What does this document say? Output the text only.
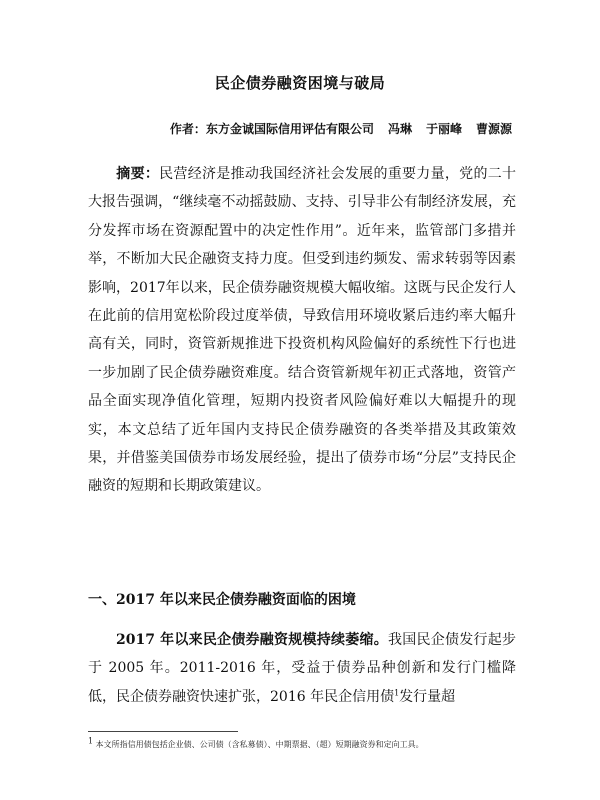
民企债券融资困境与破局
作者：东方金诚国际信用评估有限公司 冯琳 于丽峰 曹源源
摘要：民营经济是推动我国经济社会发展的重要力量，党的二十大报告强调，“继续毫不动摇鼓励、支持、引导非公有制经济发展，充分发挥市场在资源配置中的决定性作用”。近年来，监管部门多措并举，不断加大民企融资支持力度。但受到违约频发、需求转弱等因素影响，2017年以来，民企债券融资规模大幅收缩。这既与民企发行人在此前的信用宽松阶段过度举债，导致信用环境收紧后违约率大幅升高有关，同时，资管新规推进下投资机构风险偏好的系统性下行也进一步加剧了民企债券融资难度。结合资管新规年初正式落地，资管产品全面实现净值化管理，短期内投资者风险偏好难以大幅提升的现实，本文总结了近年国内支持民企债券融资的各类举措及其政策效果，并借鉴美国债券市场发展经验，提出了债券市场“分层”支持民企融资的短期和长期政策建议。
一、2017 年以来民企债券融资面临的困境
2017 年以来民企债券融资规模持续萎缩。我国民企债发行起步于 2005 年。2011-2016 年，受益于债券品种创新和发行门槛降低，民企债券融资快速扩张，2016 年民企信用债$^1$发行量超
1 本文所指信用债包括企业债、公司债（含私募债）、中期票据、（超）短期融资券和定向工具。
